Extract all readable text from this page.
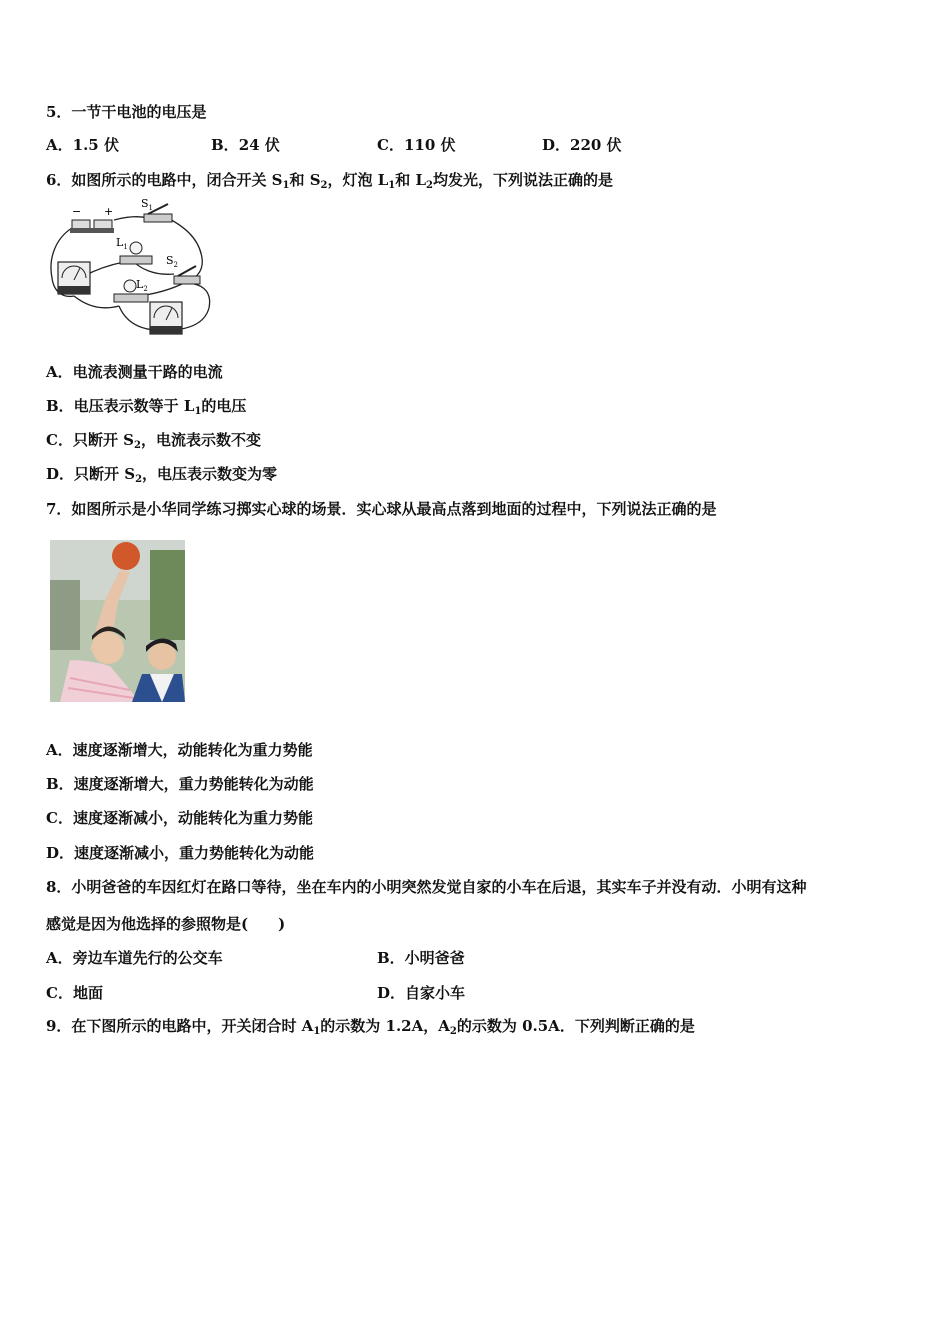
5．一节干电池的电压是
A．1.5 伏	B．24 伏	C．110 伏	D．220 伏
6．如图所示的电路中，闭合开关 $S_1$和 $S_2$，灯泡 $L_1$和 $L_2$均发光，下列说法正确的是
− +
$S_1$
$L_1$
$S_2$
$L_2$
A．电流表测量干路的电流
B．电压表示数等于 $L_1$的电压
C．只断开 $S_2$，电流表示数不变
D．只断开 $S_2$，电压表示数变为零
7．如图所示是小华同学练习掷实心球的场景．实心球从最高点落到地面的过程中，下列说法正确的是
A．速度逐渐增大，动能转化为重力势能
B．速度逐渐增大，重力势能转化为动能
C．速度逐渐减小，动能转化为重力势能
D．速度逐渐减小，重力势能转化为动能
8．小明爸爸的车因红灯在路口等待，坐在车内的小明突然发觉自家的小车在后退，其实车子并没有动．小明有这种
感觉是因为他选择的参照物是(　　)
A．旁边车道先行的公交车	B．小明爸爸
C．地面	D．自家小车
9．在下图所示的电路中，开关闭合时 $A_1$的示数为 1.2A，$A_2$的示数为 0.5A．下列判断正确的是
